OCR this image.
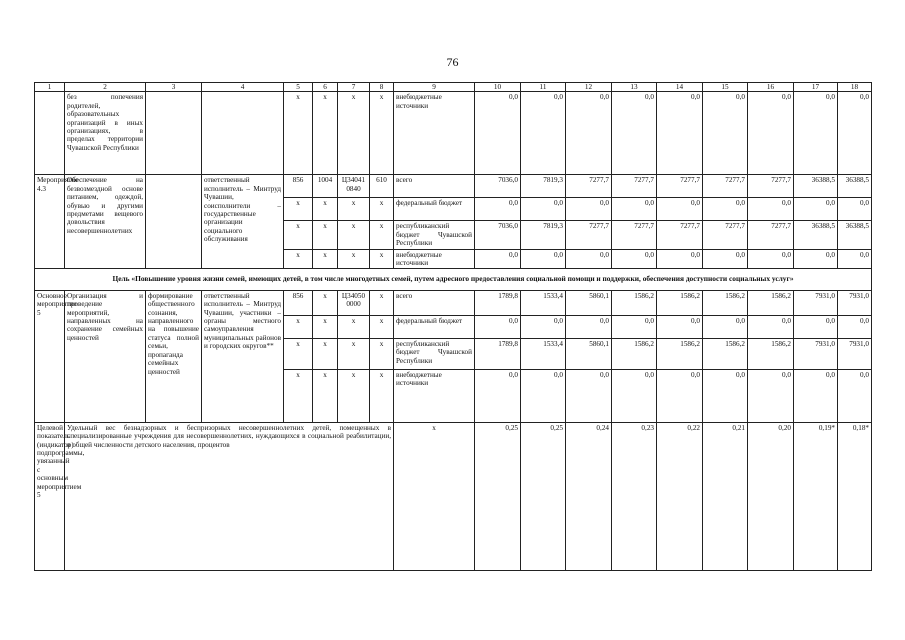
76
1	2	3	4	5	6	7	8	9	10	11	12	13	14	15	16	17	18
	без попечения родителей, образовательных организаций в иных организациях, в пределах территории Чувашской Республики			x	x	x	x	внебюджетные источники	0,0	0,0	0,0	0,0	0,0	0,0	0,0	0,0	0,0
Мероприятие 4.3	Обеспечение на безвозмездной основе питанием, одеждой, обувью и другими предметами вещевого довольствия несовершеннолетних		ответственный исполнитель – Минтруд Чувашии, соисполнители – государственные организации социального обслуживания	856	1004	Ц34041 0840	610	всего	7036,0	7819,3	7277,7	7277,7	7277,7	7277,7	7277,7	36388,5	36388,5
				x	x	x	x	федеральный бюджет	0,0	0,0	0,0	0,0	0,0	0,0	0,0	0,0	0,0
				x	x	x	x	республиканский бюджет Чувашской Республики	7036,0	7819,3	7277,7	7277,7	7277,7	7277,7	7277,7	36388,5	36388,5
				x	x	x	x	внебюджетные источники	0,0	0,0	0,0	0,0	0,0	0,0	0,0	0,0	0,0
Цель «Повышение уровня жизни семей, имеющих детей, в том числе многодетных семей, путем адресного предоставления социальной помощи и поддержки, обеспечения доступности социальных услуг»																	
Основное мероприятие 5	Организация и проведение мероприятий, направленных на сохранение семейных ценностей	формирование общественного сознания, направленного на повышение статуса полной семьи, пропаганда семейных ценностей	ответственный исполнитель – Минтруд Чувашии, участники – органы местного самоуправления муниципальных районов и городских округов**	856	x	Ц34050 0000	x	всего	1789,8	1533,4	5860,1	1586,2	1586,2	1586,2	1586,2	7931,0	7931,0
				x	x	x	x	федеральный бюджет	0,0	0,0	0,0	0,0	0,0	0,0	0,0	0,0	0,0
				x	x	x	x	республиканский бюджет Чувашской Республики	1789,8	1533,4	5860,1	1586,2	1586,2	1586,2	1586,2	7931,0	7931,0
				x	x	x	x	внебюджетные источники	0,0	0,0	0,0	0,0	0,0	0,0	0,0	0,0	0,0
Целевой показатель (индикатор) подпрограммы, увязанный с основным мероприятием 5	Удельный вес безнадзорных и беспризорных несовершеннолетних детей, помещенных в специализированные учреждения для несовершеннолетних, нуждающихся в социальной реабилитации, в общей численности детского населения, процентов							x	0,25	0,25	0,24	0,23	0,22	0,21	0,20	0,19*	0,18*
